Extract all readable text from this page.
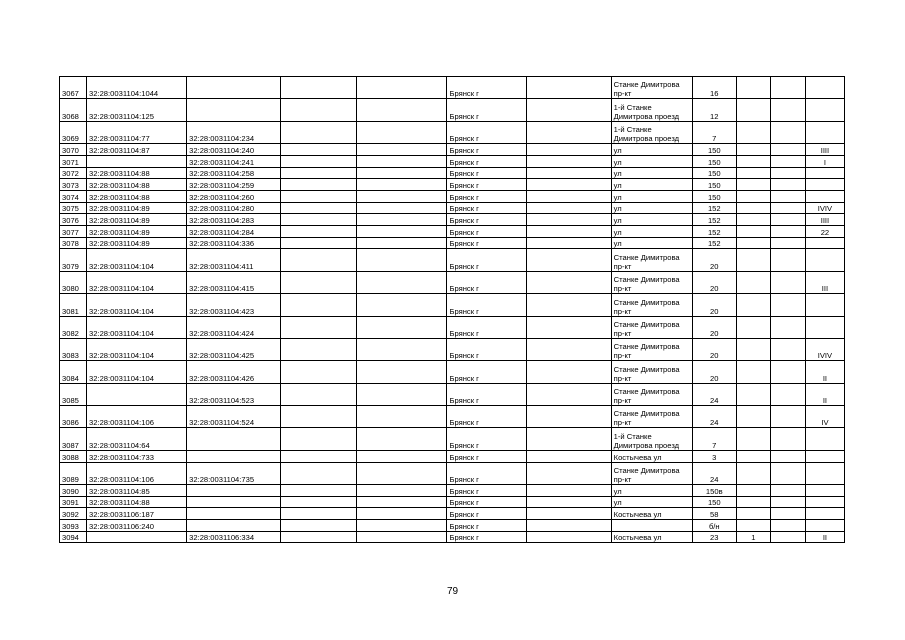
3067	32:28:0031104:1044				Брянск г		Станке Димитрова пр-кт	16			
3068	32:28:0031104:125				Брянск г		1-й Станке Димитрова проезд	12			
3069	32:28:0031104:77	32:28:0031104:234			Брянск г		1-й Станке Димитрова проезд	7			
3070	32:28:0031104:87	32:28:0031104:240			Брянск г		ул	150			IIII
3071		32:28:0031104:241			Брянск г		ул	150			I
3072	32:28:0031104:88	32:28:0031104:258			Брянск г		ул	150			
3073	32:28:0031104:88	32:28:0031104:259			Брянск г		ул	150			
3074	32:28:0031104:88	32:28:0031104:260			Брянск г		ул	150			
3075	32:28:0031104:89	32:28:0031104:280			Брянск г		ул	152			IVIV
3076	32:28:0031104:89	32:28:0031104:283			Брянск г		ул	152			IIII
3077	32:28:0031104:89	32:28:0031104:284			Брянск г		ул	152			22
3078	32:28:0031104:89	32:28:0031104:336			Брянск г		ул	152			
3079	32:28:0031104:104	32:28:0031104:411			Брянск г		Станке Димитрова пр-кт	20			
3080	32:28:0031104:104	32:28:0031104:415			Брянск г		Станке Димитрова пр-кт	20			III
3081	32:28:0031104:104	32:28:0031104:423			Брянск г		Станке Димитрова пр-кт	20			
3082	32:28:0031104:104	32:28:0031104:424			Брянск г		Станке Димитрова пр-кт	20			
3083	32:28:0031104:104	32:28:0031104:425			Брянск г		Станке Димитрова пр-кт	20			IVIV
3084	32:28:0031104:104	32:28:0031104:426			Брянск г		Станке Димитрова пр-кт	20			II
3085		32:28:0031104:523			Брянск г		Станке Димитрова пр-кт	24			II
3086	32:28:0031104:106	32:28:0031104:524			Брянск г		Станке Димитрова пр-кт	24			IV
3087	32:28:0031104:64				Брянск г		1-й Станке Димитрова проезд	7			
3088	32:28:0031104:733				Брянск г		Костычева ул	3			
3089	32:28:0031104:106	32:28:0031104:735			Брянск г		Станке Димитрова пр-кт	24			
3090	32:28:0031104:85				Брянск г		ул	150в			
3091	32:28:0031104:88				Брянск г		ул	150			
3092	32:28:0031106:187				Брянск г		Костычева ул	58			
3093	32:28:0031106:240				Брянск г			б/н			
3094		32:28:0031106:334			Брянск г		Костычева ул	23	1		II
79
